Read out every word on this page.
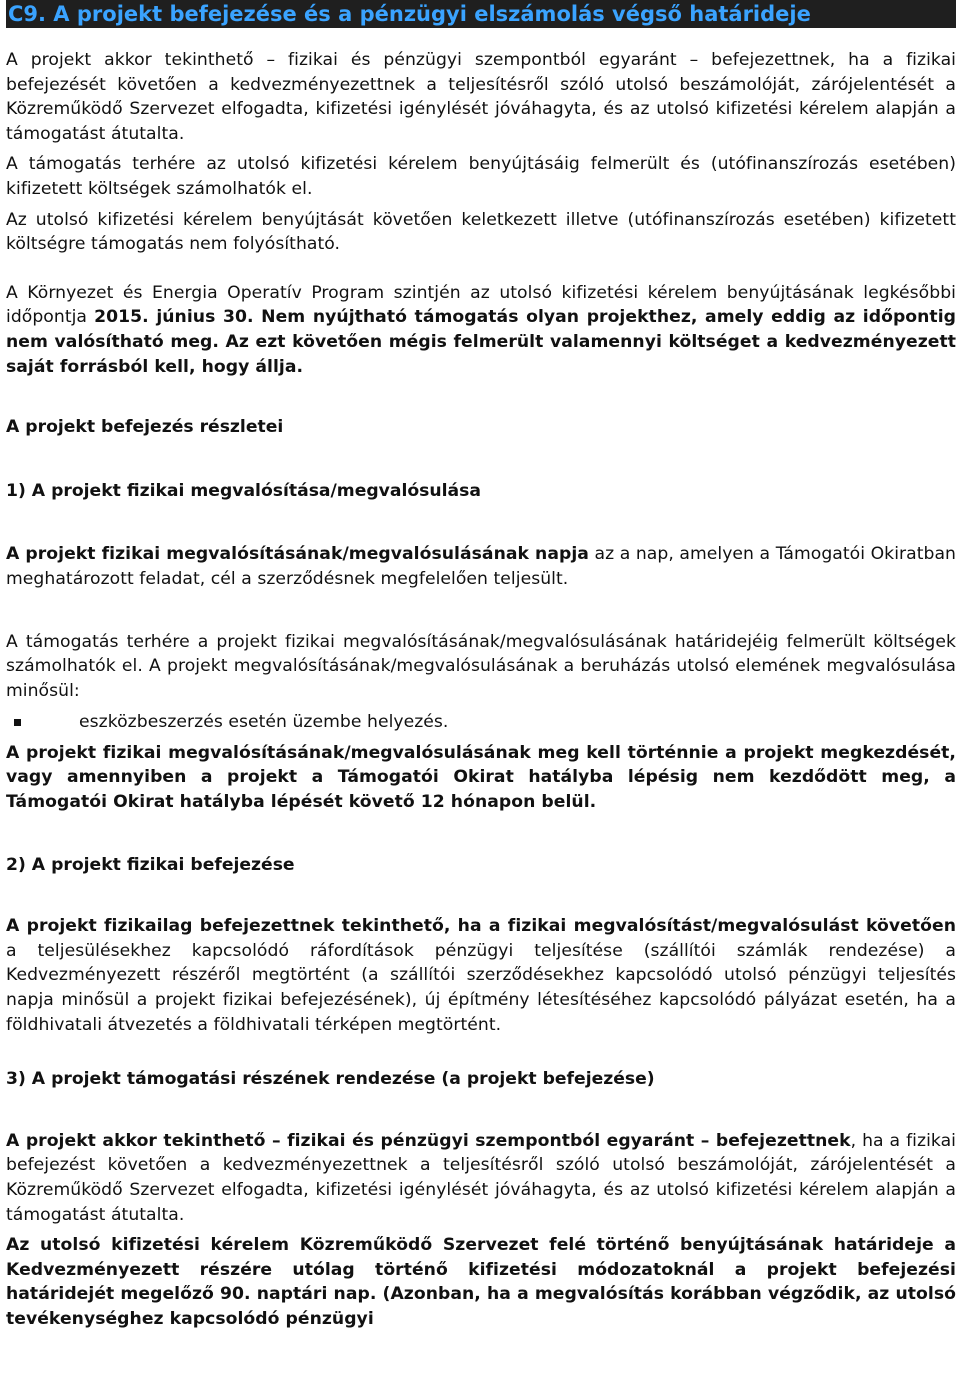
C9. A projekt befejezése és a pénzügyi elszámolás végső határideje

A projekt akkor tekinthető – fizikai és pénzügyi szempontból egyaránt – befejezettnek, ha a fizikai befejezését követően a kedvezményezettnek a teljesítésről szóló utolsó beszámolóját, zárójelentését a Közreműködő Szervezet elfogadta, kifizetési igénylését jóváhagyta, és az utolsó kifizetési kérelem alapján a támogatást átutalta.

A támogatás terhére az utolsó kifizetési kérelem benyújtásáig felmerült és (utófinanszírozás esetében) kifizetett költségek számolhatók el.

Az utolsó kifizetési kérelem benyújtását követően keletkezett illetve (utófinanszírozás esetében) kifizetett költségre támogatás nem folyósítható.

A Környezet és Energia Operatív Program szintjén az utolsó kifizetési kérelem benyújtásának legkésőbbi időpontja 2015. június 30. Nem nyújtható támogatás olyan projekthez, amely eddig az időpontig nem valósítható meg. Az ezt követően mégis felmerült valamennyi költséget a kedvezményezett saját forrásból kell, hogy állja.

A projekt befejezés részletei
1) A projekt fizikai megvalósítása/megvalósulása

A projekt fizikai megvalósításának/megvalósulásának napja az a nap, amelyen a Támogatói Okiratban meghatározott feladat, cél a szerződésnek megfelelően teljesült.

A támogatás terhére a projekt fizikai megvalósításának/megvalósulásának határidejéig felmerült költségek számolhatók el. A projekt megvalósításának/megvalósulásának a beruházás utolsó elemének megvalósulása minősül:

eszközbeszerzés esetén üzembe helyezés.

A projekt fizikai megvalósításának/megvalósulásának meg kell történnie a projekt megkezdését, vagy amennyiben a projekt a Támogatói Okirat hatályba lépésig nem kezdődött meg, a Támogatói Okirat hatályba lépését követő 12 hónapon belül.

2) A projekt fizikai befejezése

A projekt fizikailag befejezettnek tekinthető, ha a fizikai megvalósítást/megvalósulást követően a teljesülésekhez kapcsolódó ráfordítások pénzügyi teljesítése (szállítói számlák rendezése) a Kedvezményezett részéről megtörtént (a szállítói szerződésekhez kapcsolódó utolsó pénzügyi teljesítés napja minősül a projekt fizikai befejezésének), új építmény létesítéséhez kapcsolódó pályázat esetén, ha a földhivatali átvezetés a földhivatali térképen megtörtént.

3) A projekt támogatási részének rendezése (a projekt befejezése)

A projekt akkor tekinthető – fizikai és pénzügyi szempontból egyaránt – befejezettnek, ha a fizikai befejezést követően a kedvezményezettnek a teljesítésről szóló utolsó beszámolóját, zárójelentését a Közreműködő Szervezet elfogadta, kifizetési igénylését jóváhagyta, és az utolsó kifizetési kérelem alapján a támogatást átutalta.

Az utolsó kifizetési kérelem Közreműködő Szervezet felé történő benyújtásának határideje a Kedvezményezett részére utólag történő kifizetési módozatoknál a projekt befejezési határidejét megelőző 90. naptári nap. (Azonban, ha a megvalósítás korábban végződik, az utolsó tevékenységhez kapcsolódó pénzügyi
